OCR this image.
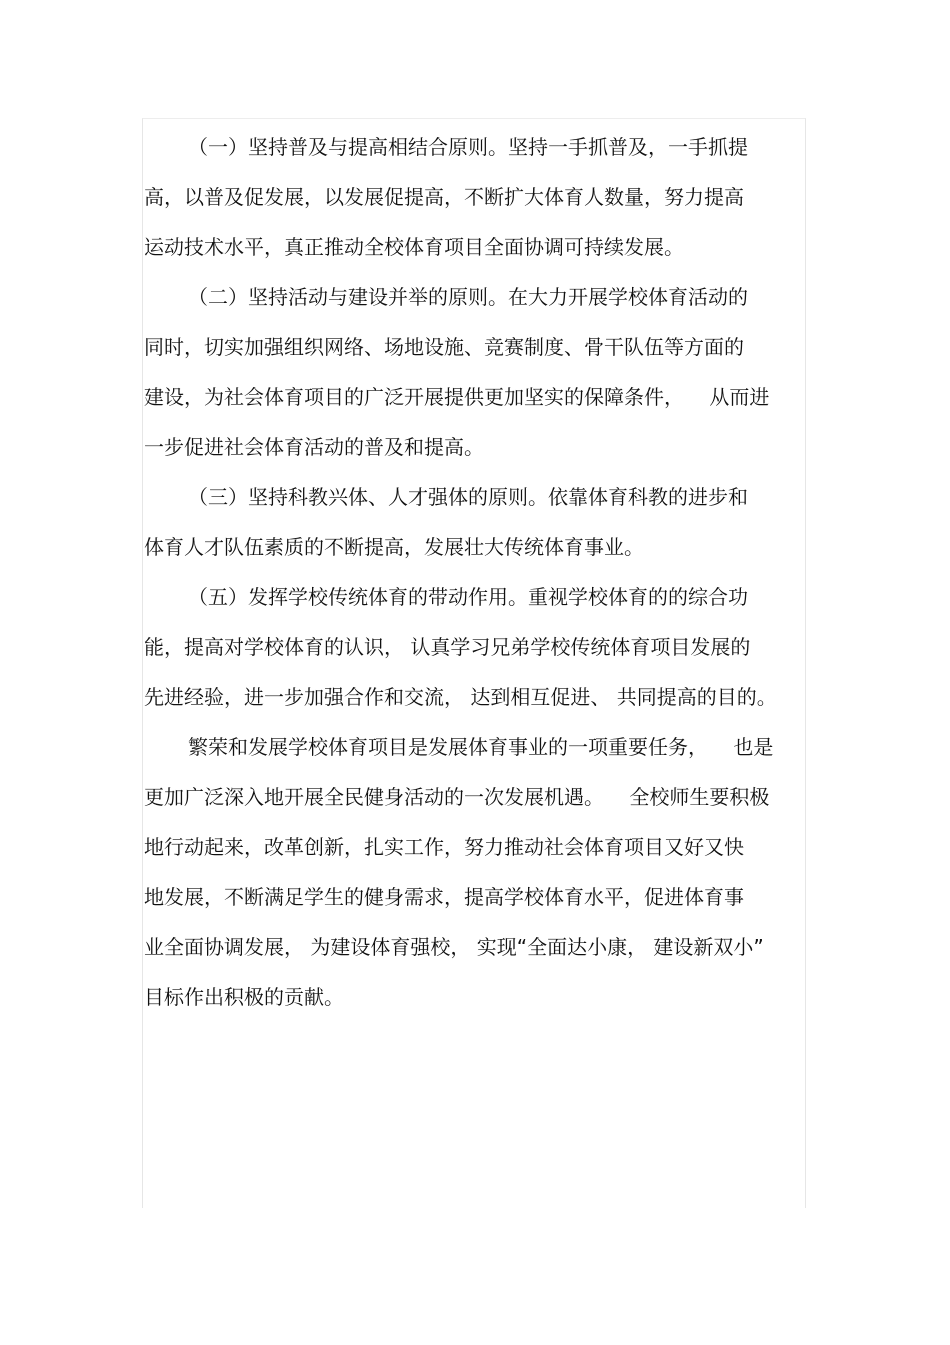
（一）坚持普及与提高相结合原则。坚持一手抓普及，一手抓提
高，以普及促发展，以发展促提高，不断扩大体育人数量，努力提高
运动技术水平，真正推动全校体育项目全面协调可持续发展。
（二）坚持活动与建设并举的原则。在大力开展学校体育活动的
同时，切实加强组织网络、场地设施、竞赛制度、骨干队伍等方面的
建设，为社会体育项目的广泛开展提供更加坚实的保障条件，    从而进
一步促进社会体育活动的普及和提高。
（三）坚持科教兴体、人才强体的原则。依靠体育科教的进步和
体育人才队伍素质的不断提高，发展壮大传统体育事业。
（五）发挥学校传统体育的带动作用。重视学校体育的的综合功
能，提高对学校体育的认识， 认真学习兄弟学校传统体育项目发展的
先进经验，进一步加强合作和交流， 达到相互促进、 共同提高的目的。
繁荣和发展学校体育项目是发展体育事业的一项重要任务，    也是
更加广泛深入地开展全民健身活动的一次发展机遇。    全校师生要积极
地行动起来，改革创新，扎实工作，努力推动社会体育项目又好又快
地发展，不断满足学生的健身需求，提高学校体育水平，促进体育事
业全面协调发展， 为建设体育强校， 实现“全面达小康， 建设新双小”
目标作出积极的贡献。
